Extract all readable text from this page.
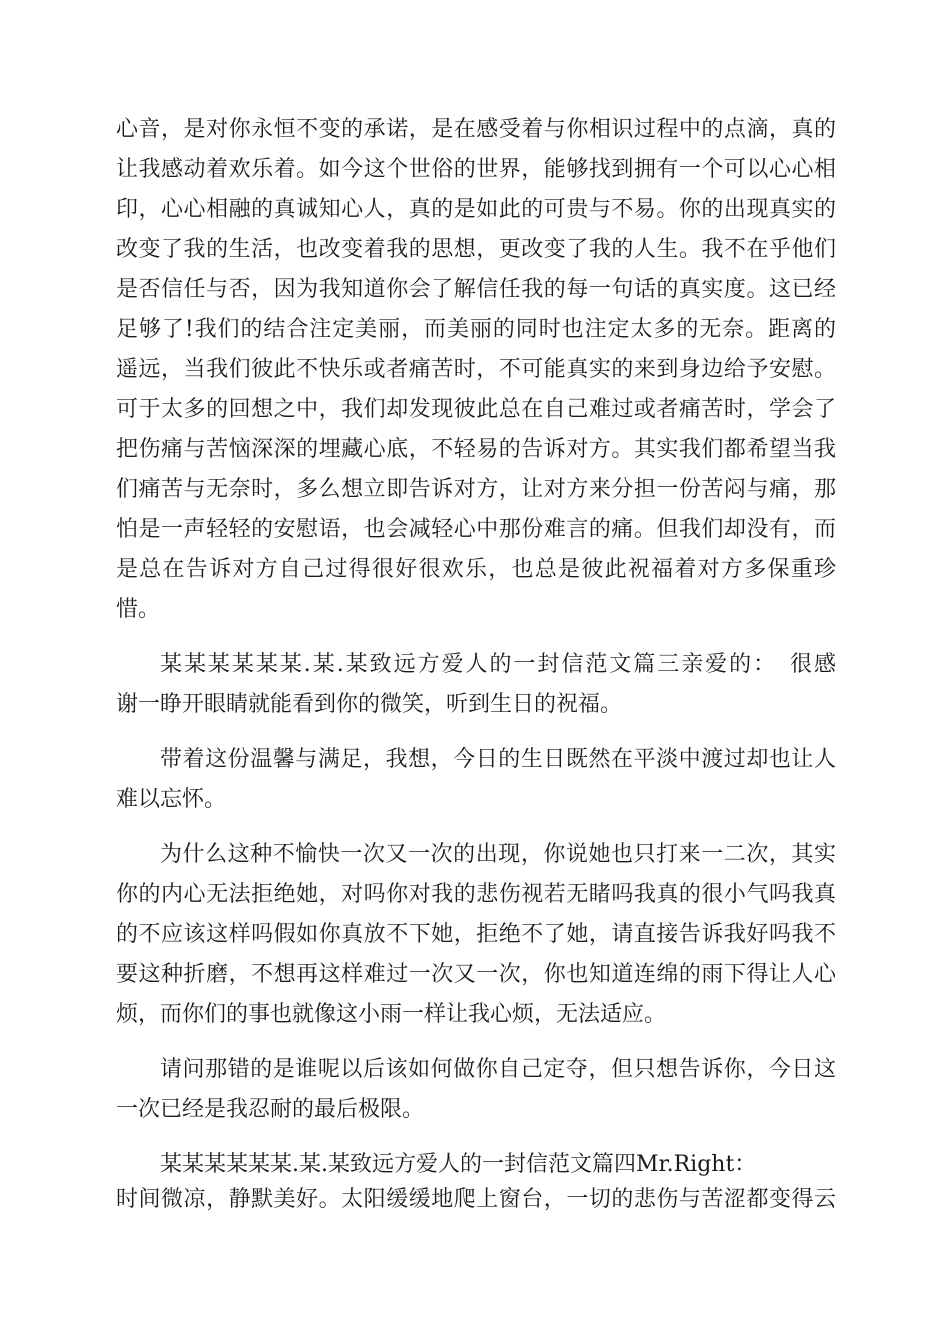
心音，是对你永恒不变的承诺，是在感受着与你相识过程中的点滴，真的
让我感动着欢乐着。如今这个世俗的世界，能够找到拥有一个可以心心相
印，心心相融的真诚知心人，真的是如此的可贵与不易。你的出现真实的
改变了我的生活，也改变着我的思想，更改变了我的人生。我不在乎他们
是否信任与否，因为我知道你会了解信任我的每一句话的真实度。这已经
足够了!我们的结合注定美丽，而美丽的同时也注定太多的无奈。距离的
遥远，当我们彼此不快乐或者痛苦时，不可能真实的来到身边给予安慰。
可于太多的回想之中，我们却发现彼此总在自己难过或者痛苦时，学会了
把伤痛与苦恼深深的埋藏心底，不轻易的告诉对方。其实我们都希望当我
们痛苦与无奈时，多么想立即告诉对方，让对方来分担一份苦闷与痛，那
怕是一声轻轻的安慰语，也会减轻心中那份难言的痛。但我们却没有，而
是总在告诉对方自己过得很好很欢乐，也总是彼此祝福着对方多保重珍
惜。
某某某某某某.某.某致远方爱人的一封信范文篇三亲爱的：　很感
谢一睁开眼睛就能看到你的微笑，听到生日的祝福。
带着这份温馨与满足，我想，今日的生日既然在平淡中渡过却也让人
难以忘怀。
为什么这种不愉快一次又一次的出现，你说她也只打来一二次，其实
你的内心无法拒绝她，对吗你对我的悲伤视若无睹吗我真的很小气吗我真
的不应该这样吗假如你真放不下她，拒绝不了她，请直接告诉我好吗我不
要这种折磨，不想再这样难过一次又一次，你也知道连绵的雨下得让人心
烦，而你们的事也就像这小雨一样让我心烦，无法适应。
请问那错的是谁呢以后该如何做你自己定夺，但只想告诉你，今日这
一次已经是我忍耐的最后极限。
某某某某某某.某.某致远方爱人的一封信范文篇四Mr.Right：
时间微凉，静默美好。太阳缓缓地爬上窗台，一切的悲伤与苦涩都变得云
